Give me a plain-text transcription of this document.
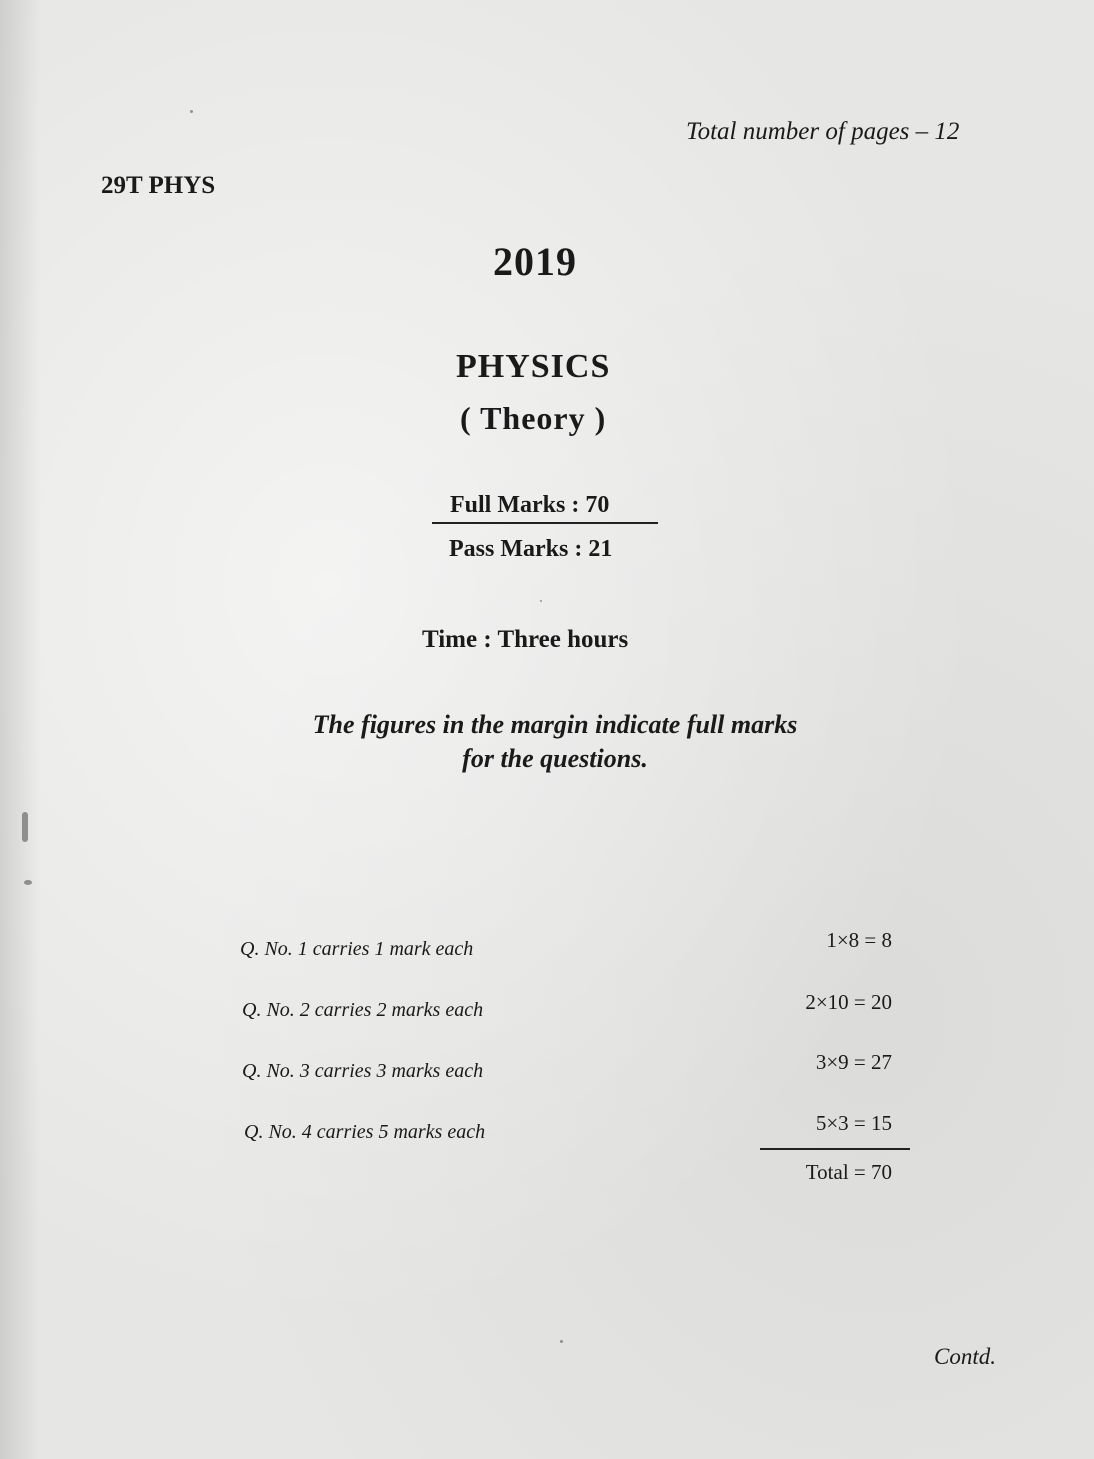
Total number of pages – 12
29T PHYS
2019
PHYSICS
( Theory )
Full Marks : 70
Pass Marks : 21
Time : Three hours
The figures in the margin indicate full marks
for the questions.
Q. No. 1 carries 1 mark each	1×8 = 8
Q. No. 2 carries 2 marks each	2×10 = 20
Q. No. 3 carries 3 marks each	3×9 = 27
Q. No. 4 carries 5 marks each	5×3 = 15
Total = 70
Contd.
